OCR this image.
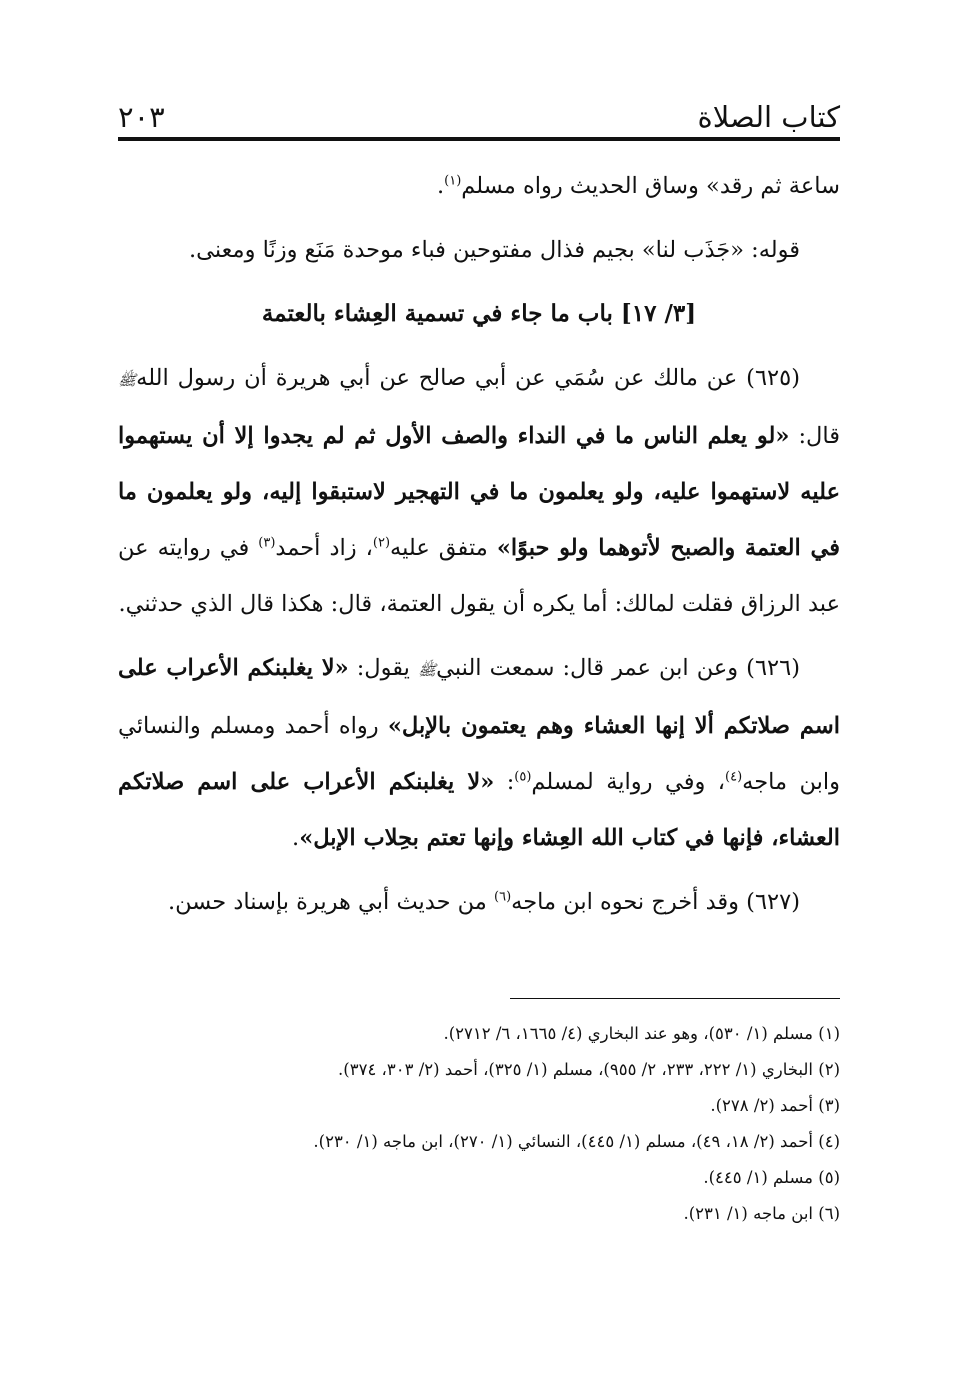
كتاب الصلاة
٢٠٣

ساعة ثم رقد» وساق الحديث رواه مسلم$^{(١)}$.

قوله: «جَذَب لنا» بجيم فذال مفتوحين فباء موحدة مَنَع وزنًا ومعنى.

[٣/ ١٧] باب ما جاء في تسمية العِشاء بالعتمة

(٦٢٥) عن مالك عن سُمَي عن أبي صالح عن أبي هريرة أن رسول اللهﷺ قال: «لو يعلم الناس ما في النداء والصف الأول ثم لم يجدوا إلا أن يستهموا عليه لاستهموا عليه، ولو يعلمون ما في التهجير لاستبقوا إليه، ولو يعلمون ما في العتمة والصبح لأتوهما ولو حبوًا» متفق عليه$^{(٢)}$، زاد أحمد$^{(٣)}$ في روايته عن عبد الرزاق فقلت لمالك: أما يكره أن يقول العتمة، قال: هكذا قال الذي حدثني.

(٦٢٦) وعن ابن عمر قال: سمعت النبيﷺ يقول: «لا يغلبنكم الأعراب على اسم صلاتكم ألا إنها العشاء وهم يعتمون بالإبل» رواه أحمد ومسلم والنسائي وابن ماجه$^{(٤)}$، وفي رواية لمسلم$^{(٥)}$: «لا يغلبنكم الأعراب على اسم صلاتكم العشاء، فإنها في كتاب الله العِشاء وإنها تعتم بحِلاب الإبل».

(٦٢٧) وقد أخرج نحوه ابن ماجه$^{(٦)}$ من حديث أبي هريرة بإسناد حسن.

(١) مسلم (١/ ٥٣٠)، وهو عند البخاري (٤/ ١٦٦٥، ٦/ ٢٧١٢).
(٢) البخاري (١/ ٢٢٢، ٢٣٣، ٢/ ٩٥٥)، مسلم (١/ ٣٢٥)، أحمد (٢/ ٣٠٣، ٣٧٤).
(٣) أحمد (٢/ ٢٧٨).
(٤) أحمد (٢/ ١٨، ٤٩)، مسلم (١/ ٤٤٥)، النسائي (١/ ٢٧٠)، ابن ماجه (١/ ٢٣٠).
(٥) مسلم (١/ ٤٤٥).
(٦) ابن ماجه (١/ ٢٣١).
